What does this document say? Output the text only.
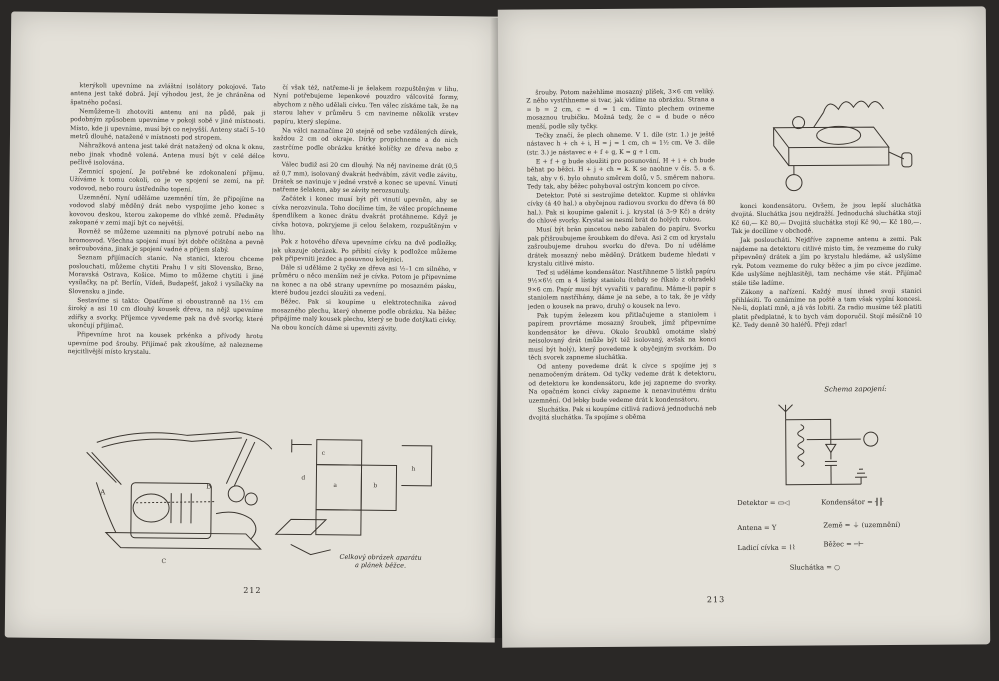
kterýkoli upevníme na zvláštní isolátory pokojové. Tato antena jest také dobrá. Její výhodou jest, že je chráněna od špatného počasí.

Nemůžeme-li zhotoviti antenu ani na půdě, pak ji podobným způsobem upevníme v pokoji sobě v jiné místnosti. Místo, kde ji upevníme, musí být co nejvyšší. Anteny stačí 5–10 metrů dlouhé, natažené v místnosti pod stropem.

Náhražková antena jest také drát natažený od okna k oknu, nebo jinak vhodně volená. Antena musí být v celé délce pečlivě isolována.

Zemnicí spojení. Je potřebné ke zdokonalení příjmu. Užíváme k tomu cokoli, co je ve spojení se zemí, na př. vodovod, nebo rouru ústředního topení.

Uzemnění. Nyní uděláme uzemnění tím, že připojíme na vodovod slabý měděný drát nebo vyspojíme jeho konec s kovovou deskou, kterou zakopeme do vlhké země. Předměty zakopané v zemi mají být co největší.

Rovněž se můžeme uzemniti na plynové potrubí nebo na hromosvod. Všechna spojení musí být dobře očištěna a pevně sešroubována, jinak je spojení vadné a příjem slabý.

Seznam přijímacích stanic. Na stanici, kterou chceme poslouchati, můžeme chytiti Prahu I v síti Slovensko, Brno, Moravská Ostrava, Košice. Mimo to můžeme chytiti i jiné vysílačky, na př. Berlín, Vídeň, Budapešť, jakož i vysílačky na Slovensku a jinde.

Sestavíme si takto: Opatříme si oboustranně na 1½ cm široký a asi 10 cm dlouhý kousek dřeva, na nějž upevníme zdířky a svorky. Příjemce vyvedeme pak na dvě svorky, které ukončují přijímač.

Připevníme hrot na kousek prkénka a přívody hrotu upevníme pod šrouby. Přijímač pak zkoušíme, až nalezneme nejcitlivější místo krystalu.

čí však též, natřeme-li je šelakem rozpuštěným v lihu. Nyní potřebujeme lepenkové pouzdro válcovité formy, abychom z něho udělali cívku. Ten válec získáme tak, že na starou lahev v průměru 5 cm navineme několik vrstev papíru, který slepíme.

Na válci naznačíme 20 stejně od sebe vzdálených dírek, každou 2 cm od okraje. Dírky propíchneme a do nich zastrčíme podle obrázku krátké kolíčky ze dřeva nebo z kovu.

Válec budiž asi 20 cm dlouhý. Na něj navineme drát (0,5 až 0,7 mm), isolovaný dvakrát hedvábím, závit vedle závitu. Drátek se navinuje v jedné vrstvě a konec se upevní. Vinutí natřeme šelakem, aby se závity nerozsunuly.

Začátek i konec musí být při vinutí upevněn, aby se cívka nerozvinula. Toho docílíme tím, že válec propíchneme špendlíkem a konec drátu dvakrát protáhneme. Když je cívka hotova, pokryjeme ji celou šelakem, rozpuštěným v lihu.

Pak z hotového dřeva upevníme cívku na dvě podložky, jak ukazuje obrázek. Po přibití cívky k podložce můžeme pak připevniti jezdec a posuvnou kolejnici.

Dále si uděláme 2 tyčky ze dřeva asi ½–1 cm silného, v průměru o něco menším než je cívka. Potom je připevníme na konec a na obě strany upevníme po mosazném pásku, které budou jezdci sloužiti za vedení.

Běžec. Pak si koupíme u elektrotechnika závod mosazného plechu, který ohneme podle obrázku. Na běžec připájíme malý kousek plechu, který se bude dotýkati cívky. Na obou koncích dáme si upevniti závity.

A
B
C
c
a	b
d
h
Celkový obrázek aparátu
a plánek běžce.
212

šrouby. Potom nažehlíme mosazný plíšek, 3×6 cm veliký. Z něho vystřihneme si tvar, jak vidíme na obrázku. Strana a = b = 2 cm, c = d = 1 cm. Tímto plechem ovineme mosaznou trubičku. Možná tedy, že c = d bude o něco menší, podle síly tyčky.

Tečky značí, že plech ohneme. V 1. díle (str. 1.) je ještě nástavec h + ch + i, H = j = 1 cm, ch = 1½ cm. Ve 3. díle (str. 3.) je nástavec e + f + g, K = g + l cm.

E + f + g bude sloužiti pro posunování. H + i + ch bude běhat po běžci. H + j + ch = k. K se naohne v čís. 5. a 6. tak, aby v 6. bylo ohnuto směrem dolů, v 5. směrem nahoru. Tedy tak, aby běžec pohyboval ostrým koncem po cívce.

Detektor. Poté si sestrojíme detektor. Kupme si ohlávku cívky (á 40 hal.) a obyčejnou radiovou svorku do dřeva (á 80 hal.). Pak si koupíme galenit i. j. krystal (á 3–9 Kč) a dráty do chlové svorky. Krystal se nesmí brát do holých rukou.

Musí být brán pincetou nebo zabalen do papíru. Svorku pak přišroubujeme šroubkem do dřeva. Asi 2 cm od krystalu zašroubujeme druhou svorku do dřeva. Do ní uděláme drátek mosazný nebo měděný. Drátkem budeme hledati v krystalu citlivé místo.

Teď si uděláme kondensátor. Nastřihneme 5 lístků papíru 9½×6½ cm a 4 lístky staniolu (tehdy se říkalo z ohradek) 9×6 cm. Papír musí být vyvařiti v parafinu. Máme-li papír s staniolem nastříhány, dáme je na sebe, a to tak, že je vždy jeden o kousek na pravo, druhý o kousek na levo.

Pak tupým železem kou přitlačujeme a staniolem i papírem provrtáme mosazný šroubek, jímž připevníme kondensátor ke dřevu. Okolo šroubků omotáme slabý neisolovaný drát (může být též isolovaný, avšak na konci musí být holý), který povedeme k obyčejným svorkám. Do těch svorek zapneme sluchátka.

Od anteny povedeme drát k cívce s spojíme jej s nenamočeným drátem. Od tyčky vedeme drát k detektoru, od detektoru ke kondensátoru, kde jej zapneme do svorky. Na opačném konci cívky zapneme k nenavinutému drátu uzemnění. Od lebky bude vedeme drát k kondensátoru.

Sluchátka. Pak si koupíme citlivá radiová jednoduchá neb dvojitá sluchátka. Ta spojíme s oběma

konci kondensátoru. Ovšem, že jsou lepší sluchátka dvojitá. Sluchátka jsou nejdražší. Jednoduchá sluchátka stojí Kč 60,— Kč 80,— Dvojitá sluchátka stojí Kč 90,— Kč 180,—. Tak je docílíme v obchodě.

Jak posloucháti. Nejdříve zapneme antenu a zemi. Pak najdeme na detektoru citlivé místo tím, že vezmeme do ruky připevněný drátek a jím po krystalu hledáme, až uslyšíme ryk. Potom vezmeme do ruky běžec a jím po cívce jezdíme. Kde uslyšíme nejhlasitěji, tam necháme vše stát. Přijímač stále tiše ladíme.

Zákony a nařízení. Každý musí ihned svoji stanici přihlásiti. To oznámíme na poště a tam však vyplní koncesi. Ne-li, doplatí mně, a já vás lobiti. Za radio musíme též platiti platit předplatné, k to bych vám doporučil. Stojí měsíčně 10 Kč. Tedy denně 30 haléřů. Přeji zdar!

Schema zapojení:
Detektor = ▭◁	Kondensátor = ╢╟
Antena = Y	Země = ⏚ (uzemnění)
Ladicí cívka = ⌇⌇	Běžec = ─⊢
Sluchátka = ○
213
